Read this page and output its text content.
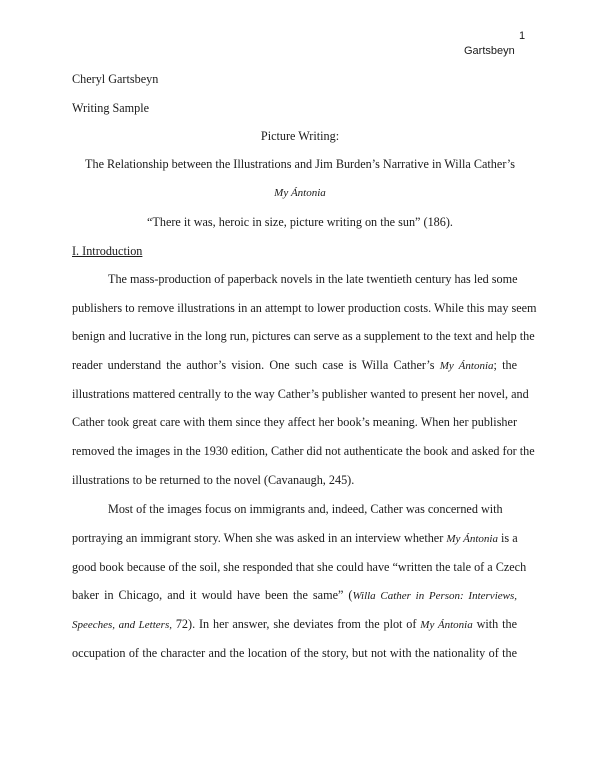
1
Gartsbeyn
Cheryl Gartsbeyn
Writing Sample
Picture Writing:
The Relationship between the Illustrations and Jim Burden’s Narrative in Willa Cather’s
My Ántonia
“There it was, heroic in size, picture writing on the sun” (186).
I. Introduction
The mass-production of paperback novels in the late twentieth century has led some
publishers to remove illustrations in an attempt to lower production costs. While this may seem
benign and lucrative in the long run, pictures can serve as a supplement to the text and help the
reader understand the author’s vision. One such case is Willa Cather’s My Ántonia; the
illustrations mattered centrally to the way Cather’s publisher wanted to present her novel, and
Cather took great care with them since they affect her book’s meaning. When her publisher
removed the images in the 1930 edition, Cather did not authenticate the book and asked for the
illustrations to be returned to the novel (Cavanaugh, 245).
Most of the images focus on immigrants and, indeed, Cather was concerned with
portraying an immigrant story. When she was asked in an interview whether My Ántonia is a
good book because of the soil, she responded that she could have “written the tale of a Czech
baker in Chicago, and it would have been the same” (Willa Cather in Person: Interviews,
Speeches, and Letters, 72). In her answer, she deviates from the plot of My Ántonia with the
occupation of the character and the location of the story, but not with the nationality of the
